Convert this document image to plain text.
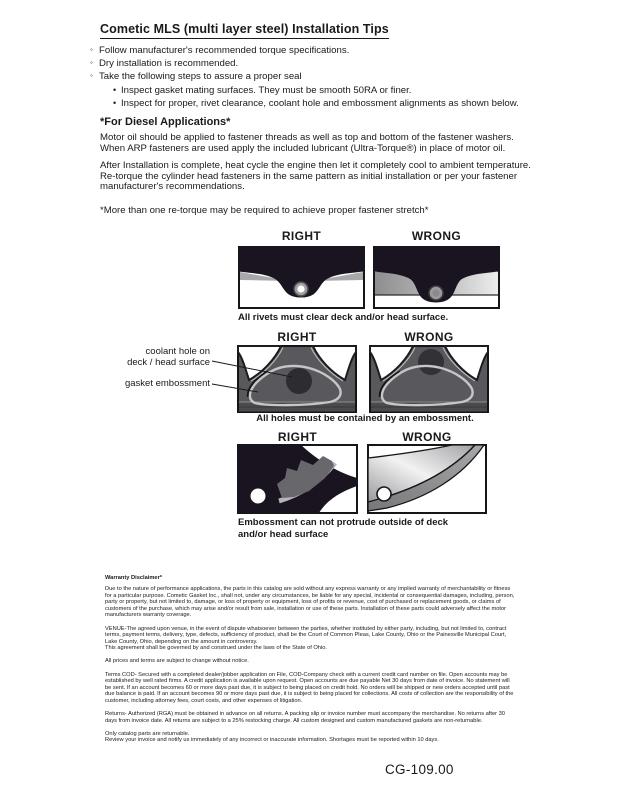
Cometic MLS (multi layer steel) Installation Tips
◦ Follow manufacturer's recommended torque specifications.
◦ Dry installation is recommended.
◦ Take the following steps to assure a proper seal
• Inspect gasket mating surfaces. They must be smooth 50RA or finer.
• Inspect for proper, rivet clearance, coolant hole and embossment alignments as shown below.
*For Diesel Applications*
Motor oil should be applied to fastener threads as well as top and bottom of the fastener washers. When ARP fasteners are used apply the included lubricant (Ultra-Torque®) in place of motor oil.
After Installation is complete, heat cycle the engine then let it completely cool to ambient temperature. Re-torque the cylinder head fasteners in the same pattern as initial installation or per your fastener manufacturer's recommendations.
*More than one re-torque may be required to achieve proper fastener stretch*
RIGHT	WRONG
All rivets must clear deck and/or head surface.
RIGHT	WRONG
coolant hole on
deck / head surface
gasket embossment
All holes must be contained by an embossment.
RIGHT	WRONG
Embossment can not protrude outside of deck and/or head surface

Warranty Disclaimer*

Due to the nature of performance applications, the parts in this catalog are sold without any express warranty or any implied warranty of merchantability or fitness for a particular purpose. Cometic Gasket Inc., shall not, under any circumstances, be liable for any special, incidental or consequential damages, including, person, party or property, but not limited to, damage, or loss of property or equipment, loss of profits or revenue, cost of purchased or replacement goods, or claims of customers of the purchase, which may arise and/or result from sale, installation or use of these parts. Installation of these parts could adversely affect the motor manufacturers warranty coverage.

VENUE-The agreed upon venue, in the event of dispute whatsoever between the parties, whether instituted by either party, including, but not limited to, contract terms, payment terms, delivery, type, defects, sufficiency of product, shall be the Court of Common Pleas, Lake County, Ohio or the Painesville Municipal Court, Lake County, Ohio, depending on the amount in controversy.

This agreement shall be governed by and construed under the laws of the State of Ohio.

All prices and terms are subject to change without notice.

Terms COD- Secured with a completed dealer/jobber application on File, COD-Company check with a current credit card number on file. Open accounts may be established by well rated firms. A credit application is available upon request. Open accounts are due payable Net 30 days from date of invoice. No statement will be sent. If an account becomes 60 or more days past due, it is subject to being placed on credit hold. No orders will be shipped or new orders accepted until past due balance is paid. If an account becomes 90 or more days past due, it is subject to being placed for collections. All costs of collection are the responsibility of the customer, including attorney fees, court costs, and other expenses of litigation.

Returns- Authorized (RGA) must be obtained in advance on all returns. A packing slip or invoice number must accompany the merchandise. No returns after 30 days from invoice date. All returns are subject to a 25% restocking charge. All custom designed and custom manufactured gaskets are non-returnable.

Only catalog parts are returnable.

Review your invoice and notify us immediately of any incorrect or inaccurate information. Shortages must be reported within 10 days.

CG-109.00
